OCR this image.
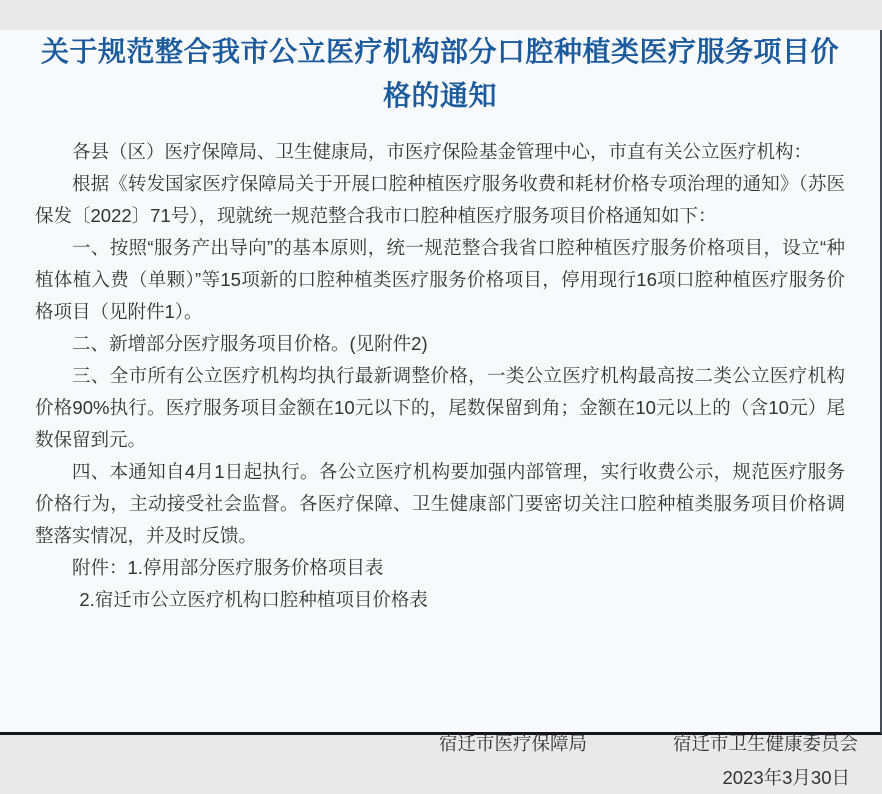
关于规范整合我市公立医疗机构部分口腔种植类医疗服务项目价格的通知

各县（区）医疗保障局、卫生健康局，市医疗保险基金管理中心，市直有关公立医疗机构：

根据《转发国家医疗保障局关于开展口腔种植医疗服务收费和耗材价格专项治理的通知》（苏医保发〔2022〕71号），现就统一规范整合我市口腔种植医疗服务项目价格通知如下：

一、按照“服务产出导向”的基本原则，统一规范整合我省口腔种植医疗服务价格项目，设立“种植体植入费（单颗）”等15项新的口腔种植类医疗服务价格项目，停用现行16项口腔种植医疗服务价格项目（见附件1）。

二、新增部分医疗服务项目价格。(见附件2)

三、全市所有公立医疗机构均执行最新调整价格，一类公立医疗机构最高按二类公立医疗机构价格90%执行。医疗服务项目金额在10元以下的，尾数保留到角；金额在10元以上的（含10元）尾数保留到元。

四、本通知自4月1日起执行。各公立医疗机构要加强内部管理，实行收费公示，规范医疗服务价格行为，主动接受社会监督。各医疗保障、卫生健康部门要密切关注口腔种植类服务项目价格调整落实情况，并及时反馈。

附件：1.停用部分医疗服务价格项目表

2.宿迁市公立医疗机构口腔种植项目价格表

宿迁市医疗保障局	宿迁市卫生健康委员会
2023年3月30日
